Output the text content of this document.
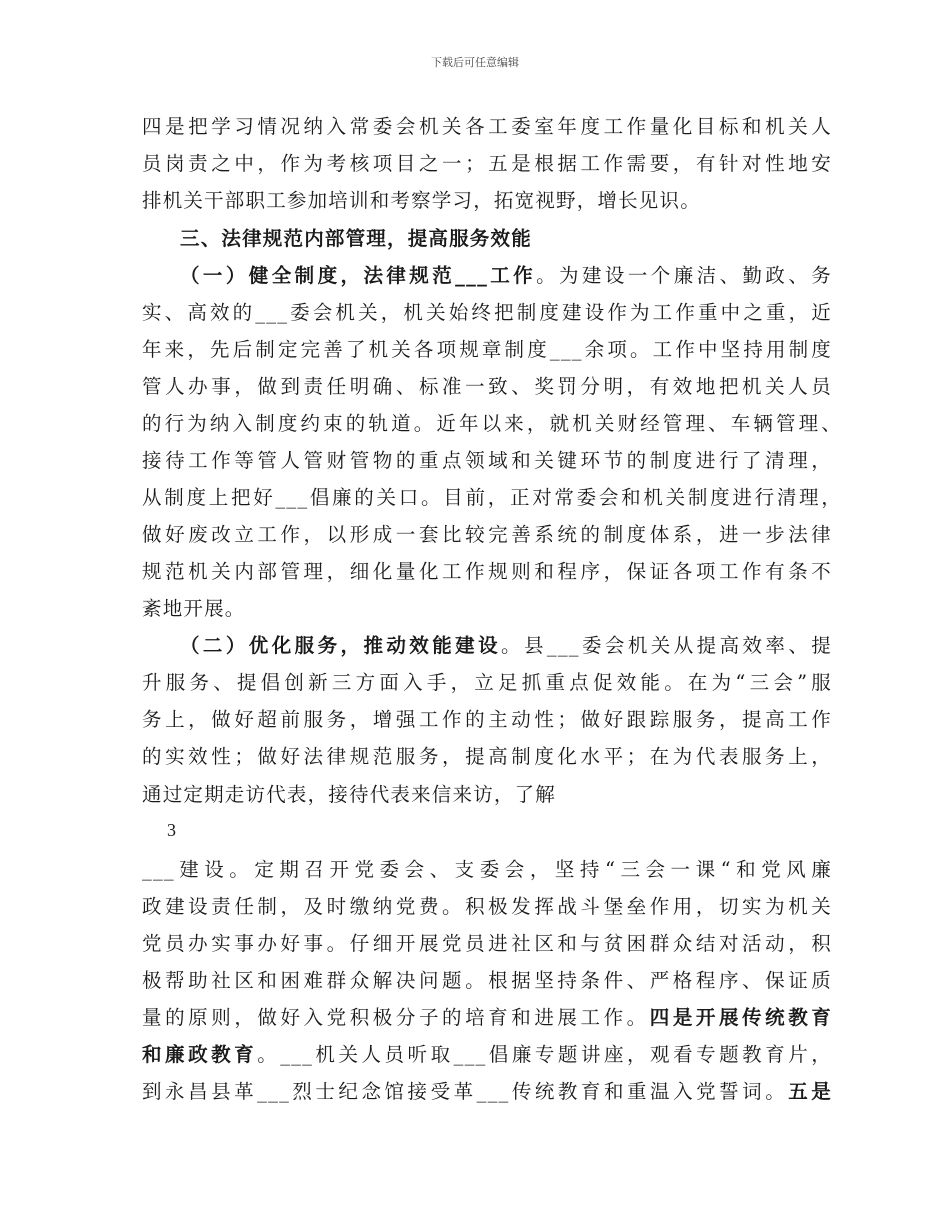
下载后可任意编辑
四是把学习情况纳入常委会机关各工委室年度工作量化目标和机关人
员岗责之中，作为考核项目之一；五是根据工作需要，有针对性地安
排机关干部职工参加培训和考察学习，拓宽视野，增长见识。
三、法律规范内部管理，提高服务效能
（一）健全制度，法律规范___工作。为建设一个廉洁、勤政、务
实、高效的___委会机关，机关始终把制度建设作为工作重中之重，近
年来，先后制定完善了机关各项规章制度___余项。工作中坚持用制度
管人办事，做到责任明确、标准一致、奖罚分明，有效地把机关人员
的行为纳入制度约束的轨道。近年以来，就机关财经管理、车辆管理、
接待工作等管人管财管物的重点领域和关键环节的制度进行了清理，
从制度上把好___倡廉的关口。目前，正对常委会和机关制度进行清理，
做好废改立工作，以形成一套比较完善系统的制度体系，进一步法律
规范机关内部管理，细化量化工作规则和程序，保证各项工作有条不
紊地开展。
（二）优化服务，推动效能建设。县___委会机关从提高效率、提
升服务、提倡创新三方面入手，立足抓重点促效能。在为“三会”服
务上，做好超前服务，增强工作的主动性；做好跟踪服务，提高工作
的实效性；做好法律规范服务，提高制度化水平；在为代表服务上，
通过定期走访代表，接待代表来信来访，了解
3
___建设。定期召开党委会、支委会，坚持“三会一课“和党风廉
政建设责任制，及时缴纳党费。积极发挥战斗堡垒作用，切实为机关
党员办实事办好事。仔细开展党员进社区和与贫困群众结对活动，积
极帮助社区和困难群众解决问题。根据坚持条件、严格程序、保证质
量的原则，做好入党积极分子的培育和进展工作。四是开展传统教育
和廉政教育。___机关人员听取___倡廉专题讲座，观看专题教育片，
到永昌县革___烈士纪念馆接受革___传统教育和重温入党誓词。五是
